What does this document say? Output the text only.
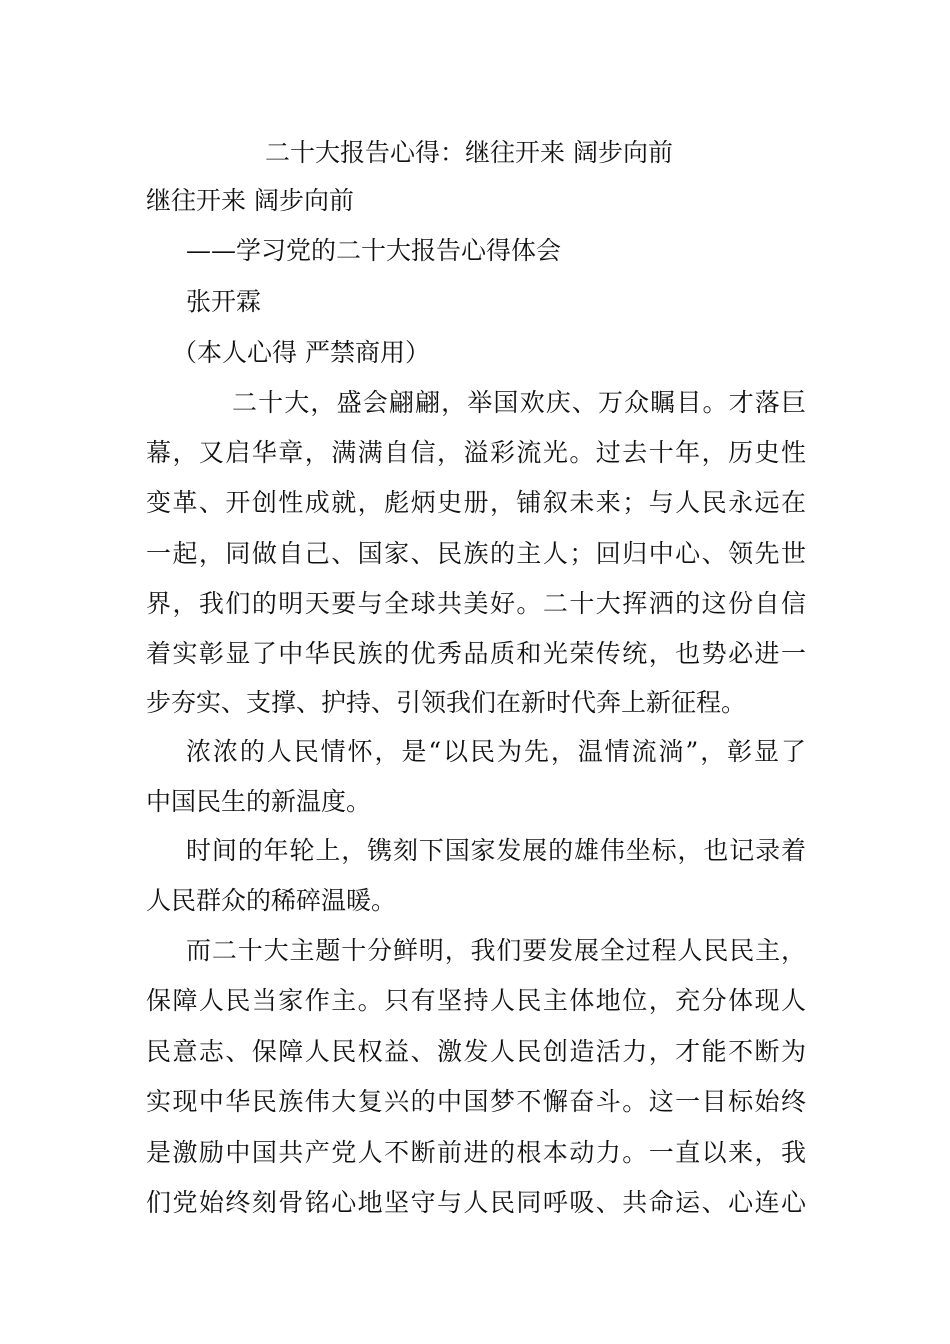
二十大报告心得：继往开来 阔步向前
继往开来 阔步向前
——学习党的二十大报告心得体会
张开霖
（本人心得 严禁商用）
二十大，盛会翩翩，举国欢庆、万众瞩目。才落巨
幕，又启华章，满满自信，溢彩流光。过去十年，历史性
变革、开创性成就，彪炳史册，铺叙未来；与人民永远在
一起，同做自己、国家、民族的主人；回归中心、领先世
界，我们的明天要与全球共美好。二十大挥洒的这份自信
着实彰显了中华民族的优秀品质和光荣传统，也势必进一
步夯实、支撑、护持、引领我们在新时代奔上新征程。
浓浓的人民情怀，是“以民为先，温情流淌”，彰显了
中国民生的新温度。
时间的年轮上，镌刻下国家发展的雄伟坐标，也记录着
人民群众的稀碎温暖。
而二十大主题十分鲜明，我们要发展全过程人民民主，
保障人民当家作主。只有坚持人民主体地位，充分体现人
民意志、保障人民权益、激发人民创造活力，才能不断为
实现中华民族伟大复兴的中国梦不懈奋斗。这一目标始终
是激励中国共产党人不断前进的根本动力。一直以来，我
们党始终刻骨铭心地坚守与人民同呼吸、共命运、心连心
